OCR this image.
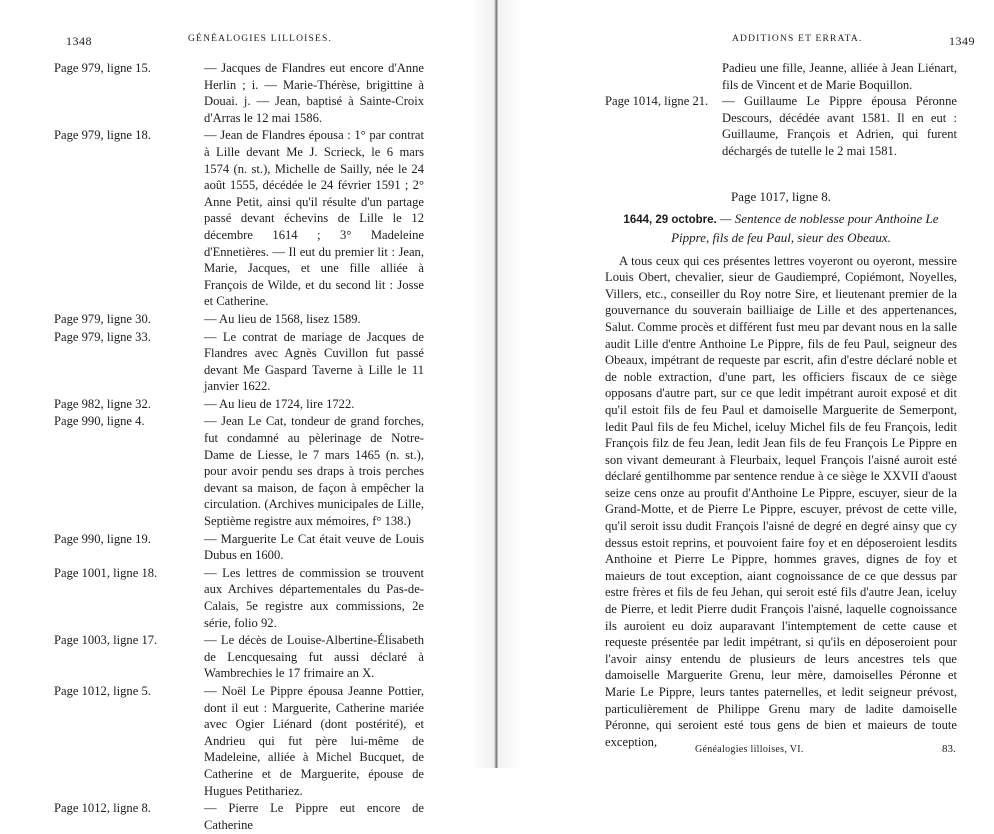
1348	GÉNÉALOGIES LILLOISES.
Page 979, ligne 15.	— Jacques de Flandres eut encore d'Anne Herlin ; i. — Marie-Thérèse, brigittine à Douai. j. — Jean, baptisé à Sainte-Croix d'Arras le 12 mai 1586.
Page 979, ligne 18.	— Jean de Flandres épousa : 1° par contrat à Lille devant Me J. Scrieck, le 6 mars 1574 (n. st.), Michelle de Sailly, née le 24 août 1555, décédée le 24 février 1591 ; 2° Anne Petit, ainsi qu'il résulte d'un partage passé devant échevins de Lille le 12 décembre 1614 ; 3° Madeleine d'Ennetières. — Il eut du premier lit : Jean, Marie, Jacques, et une fille alliée à François de Wilde, et du second lit : Josse et Catherine.
Page 979, ligne 30.	— Au lieu de 1568, lisez 1589.
Page 979, ligne 33.	— Le contrat de mariage de Jacques de Flandres avec Agnès Cuvillon fut passé devant Me Gaspard Taverne à Lille le 11 janvier 1622.
Page 982, ligne 32.	— Au lieu de 1724, lire 1722.
Page 990, ligne 4.	— Jean Le Cat, tondeur de grand forches, fut condamné au pèlerinage de Notre-Dame de Liesse, le 7 mars 1465 (n. st.), pour avoir pendu ses draps à trois perches devant sa maison, de façon à empêcher la circulation. (Archives municipales de Lille, Septième registre aux mémoires, f° 138.)
Page 990, ligne 19.	— Marguerite Le Cat était veuve de Louis Dubus en 1600.
Page 1001, ligne 18.	— Les lettres de commission se trouvent aux Archives départementales du Pas-de-Calais, 5e registre aux commissions, 2e série, folio 92.
Page 1003, ligne 17.	— Le décès de Louise-Albertine-Élisabeth de Lencquesaing fut aussi déclaré à Wambrechies le 17 frimaire an X.
Page 1012, ligne 5.	— Noël Le Pippre épousa Jeanne Pottier, dont il eut : Marguerite, Catherine mariée avec Ogier Liénard (dont postérité), et Andrieu qui fut père lui-même de Madeleine, alliée à Michel Bucquet, de Catherine et de Marguerite, épouse de Hugues Petithariez.
Page 1012, ligne 8.	— Pierre Le Pippre eut encore de Catherine
ADDITIONS ET ERRATA.	1349
Padieu une fille, Jeanne, alliée à Jean Liénart, fils de Vincent et de Marie Boquillon.
Page 1014, ligne 21.	— Guillaume Le Pippre épousa Péronne Descours, décédée avant 1581. Il en eut : Guillaume, François et Adrien, qui furent déchargés de tutelle le 2 mai 1581.
Page 1017, ligne 8.
1644, 29 octobre. — Sentence de noblesse pour Anthoine Le Pippre, fils de feu Paul, sieur des Obeaux.

A tous ceux qui ces présentes lettres voyeront ou oyeront, messire Louis Obert, chevalier, sieur de Gaudiempré, Copiémont, Noyelles, Villers, etc., conseiller du Roy notre Sire, et lieutenant premier de la gouvernance du souverain bailliaige de Lille et des appertenances, Salut. Comme procès et différent fust meu par devant nous en la salle audit Lille d'entre Anthoine Le Pippre, fils de feu Paul, seigneur des Obeaux, impétrant de requeste par escrit, afin d'estre déclaré noble et de noble extraction, d'une part, les officiers fiscaux de ce siège opposans d'autre part, sur ce que ledit impétrant auroit exposé et dit qu'il estoit fils de feu Paul et damoiselle Marguerite de Semerpont, ledit Paul fils de feu Michel, iceluy Michel fils de feu François, ledit François filz de feu Jean, ledit Jean fils de feu François Le Pippre en son vivant demeurant à Fleurbaix, lequel François l'aisné auroit esté déclaré gentilhomme par sentence rendue à ce siège le XXVII d'aoust seize cens onze au proufit d'Anthoine Le Pippre, escuyer, sieur de la Grand-Motte, et de Pierre Le Pippre, escuyer, prévost de cette ville, qu'il seroit issu dudit François l'aisné de degré en degré ainsy que cy dessus estoit reprins, et pouvoient faire foy et en déposeroient lesdits Anthoine et Pierre Le Pippre, hommes graves, dignes de foy et maieurs de tout exception, aiant cognoissance de ce que dessus par estre frères et fils de feu Jehan, qui seroit esté fils d'autre Jean, iceluy de Pierre, et ledit Pierre dudit François l'aisné, laquelle cognoissance ils auroient eu doiz auparavant l'intemptement de cette cause et requeste présentée par ledit impétrant, si qu'ils en déposeroient pour l'avoir ainsy entendu de plusieurs de leurs ancestres tels que damoiselle Marguerite Grenu, leur mère, damoiselles Péronne et Marie Le Pippre, leurs tantes paternelles, et ledit seigneur prévost, particulièrement de Philippe Grenu mary de ladite damoiselle Péronne, qui seroient esté tous gens de bien et maieurs de toute exception,

Généalogies lilloises, VI.	83.
